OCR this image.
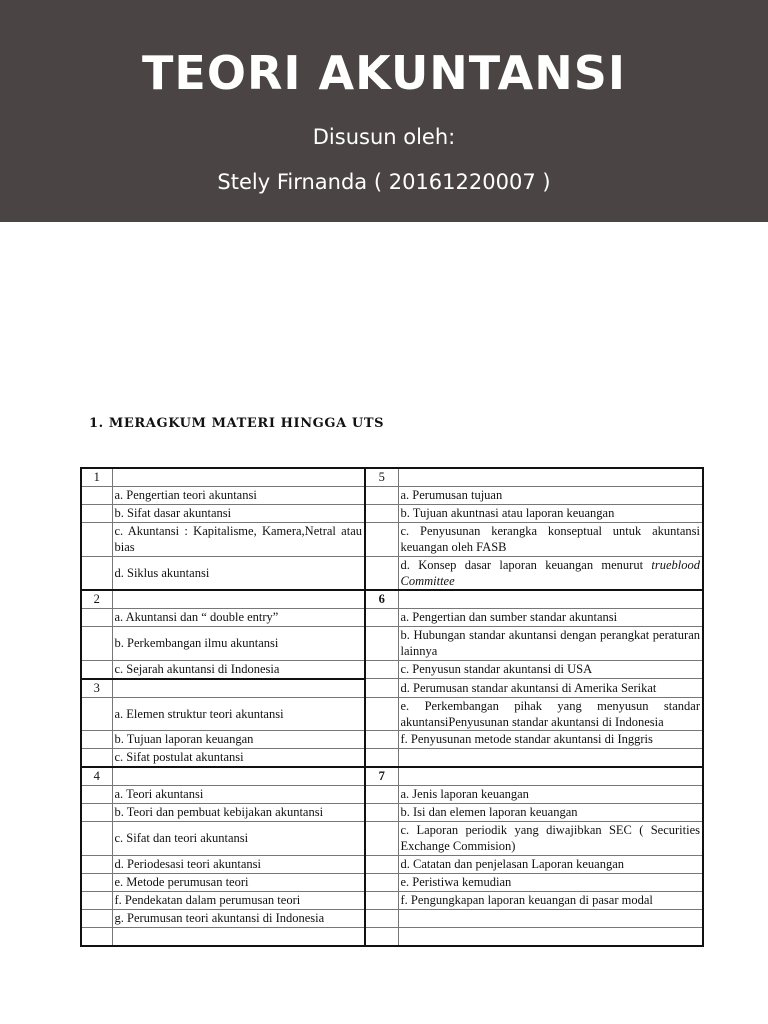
TEORI AKUNTANSI
Disusun oleh:
Stely Firnanda ( 20161220007 )
1. MERAGKUM MATERI HINGGA UTS
1		5	
	a. Pengertian teori akuntansi		a. Perumusan tujuan
	b. Sifat dasar akuntansi		b. Tujuan akuntnasi atau laporan keuangan
	c. Akuntansi : Kapitalisme, Kamera,Netral atau bias		c. Penyusunan kerangka konseptual untuk akuntansi keuangan oleh FASB
	d. Siklus akuntansi		d. Konsep dasar laporan keuangan menurut trueblood Committee
2		6	
	a. Akuntansi dan “ double entry”		a. Pengertian dan sumber standar akuntansi
	b. Perkembangan ilmu akuntansi		b. Hubungan standar akuntansi dengan perangkat peraturan lainnya
	c. Sejarah akuntansi di Indonesia		c. Penyusun standar akuntansi di USA
3			d. Perumusan standar akuntansi di Amerika Serikat
	a. Elemen struktur teori akuntansi		e. Perkembangan pihak yang menyusun standar akuntansiPenyusunan standar akuntansi di Indonesia
	b. Tujuan laporan keuangan		f. Penyusunan metode standar akuntansi di Inggris
	c. Sifat postulat akuntansi		
4		7	
	a. Teori akuntansi		a. Jenis laporan keuangan
	b. Teori dan pembuat kebijakan akuntansi		b. Isi dan elemen laporan keuangan
	c. Sifat dan teori akuntansi		c. Laporan periodik yang diwajibkan SEC ( Securities Exchange Commision)
	d. Periodesasi teori akuntansi		d. Catatan dan penjelasan Laporan keuangan
	e. Metode perumusan teori		e. Peristiwa kemudian
	f. Pendekatan dalam perumusan teori		f. Pengungkapan laporan keuangan di pasar modal
	g. Perumusan teori akuntansi di Indonesia		
